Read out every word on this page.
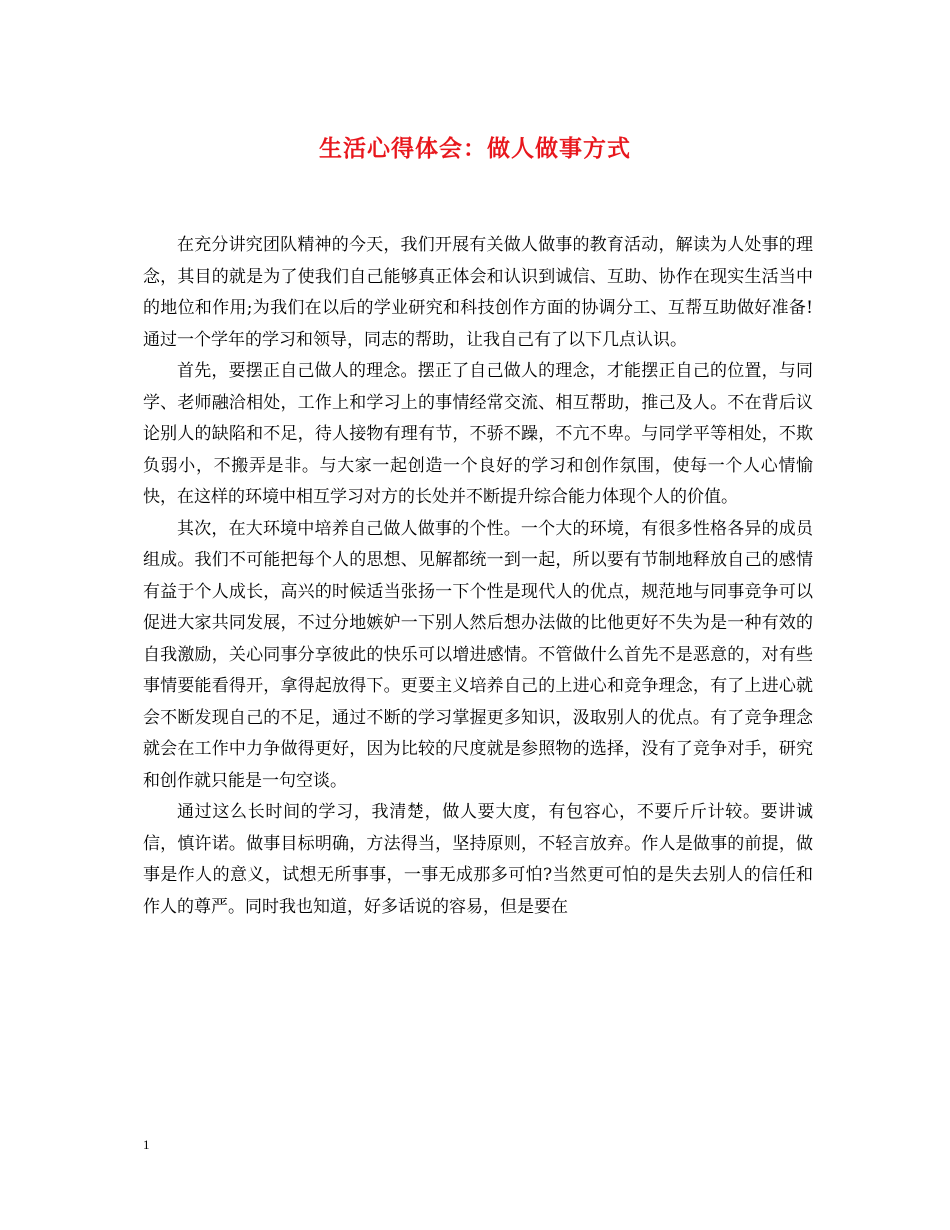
生活心得体会：做人做事方式

在充分讲究团队精神的今天，我们开展有关做人做事的教育活动，解读为人处事的理念，其目的就是为了使我们自己能够真正体会和认识到诚信、互助、协作在现实生活当中的地位和作用;为我们在以后的学业研究和科技创作方面的协调分工、互帮互助做好准备!通过一个学年的学习和领导，同志的帮助，让我自己有了以下几点认识。

首先，要摆正自己做人的理念。摆正了自己做人的理念，才能摆正自己的位置，与同学、老师融洽相处，工作上和学习上的事情经常交流、相互帮助，推己及人。不在背后议论别人的缺陷和不足，待人接物有理有节，不骄不躁，不亢不卑。与同学平等相处，不欺负弱小，不搬弄是非。与大家一起创造一个良好的学习和创作氛围，使每一个人心情愉快，在这样的环境中相互学习对方的长处并不断提升综合能力体现个人的价值。

其次，在大环境中培养自己做人做事的个性。一个大的环境，有很多性格各异的成员组成。我们不可能把每个人的思想、见解都统一到一起，所以要有节制地释放自己的感情有益于个人成长，高兴的时候适当张扬一下个性是现代人的优点，规范地与同事竞争可以促进大家共同发展，不过分地嫉妒一下别人然后想办法做的比他更好不失为是一种有效的自我激励，关心同事分享彼此的快乐可以增进感情。不管做什么首先不是恶意的，对有些事情要能看得开，拿得起放得下。更要主义培养自己的上进心和竞争理念，有了上进心就会不断发现自己的不足，通过不断的学习掌握更多知识，汲取别人的优点。有了竞争理念就会在工作中力争做得更好，因为比较的尺度就是参照物的选择，没有了竞争对手，研究和创作就只能是一句空谈。

通过这么长时间的学习，我清楚，做人要大度，有包容心，不要斤斤计较。要讲诚信，慎许诺。做事目标明确，方法得当，坚持原则，不轻言放弃。作人是做事的前提，做事是作人的意义，试想无所事事，一事无成那多可怕?当然更可怕的是失去别人的信任和作人的尊严。同时我也知道，好多话说的容易，但是要在

1
